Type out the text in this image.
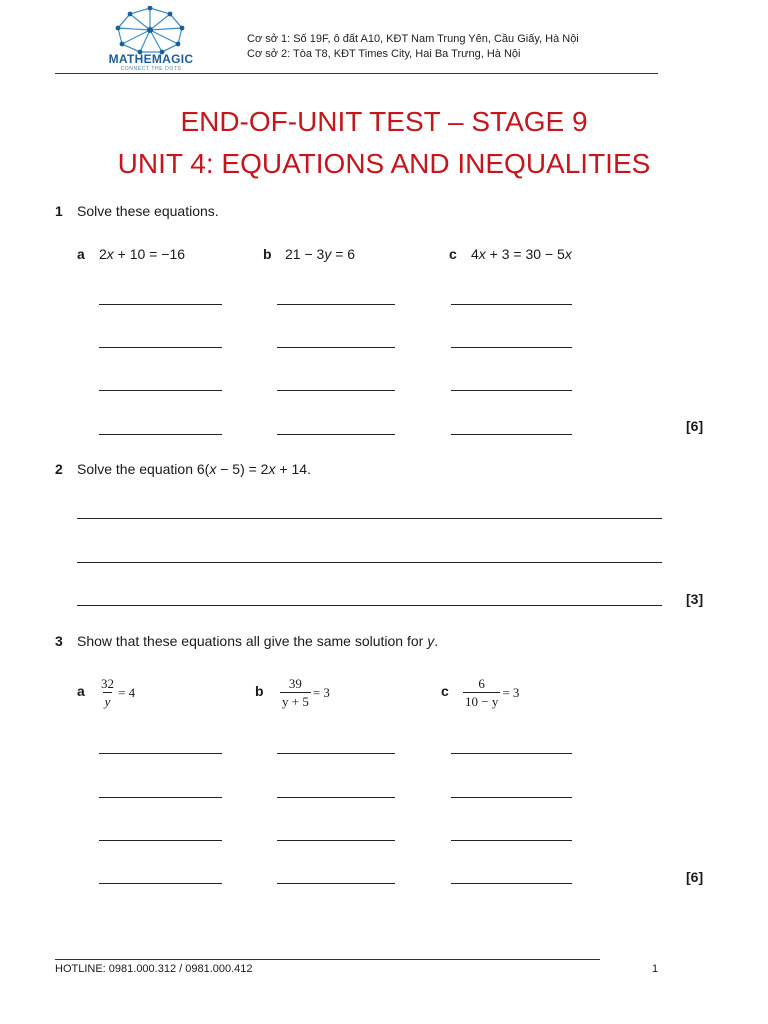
MATHEMAGIC
CONNECT THE DOTS
Cơ sở 1: Số 19F, ô đất A10, KĐT Nam Trung Yên, Cầu Giấy, Hà Nội
Cơ sở 2: Tòa T8, KĐT Times City, Hai Ba Trưng, Hà Nội
END-OF-UNIT TEST – STAGE 9
UNIT 4: EQUATIONS AND INEQUALITIES
1 Solve these equations.
a 2x + 10 = −16	b 21 − 3y = 6	c 4x + 3 = 30 − 5x
[6]
2 Solve the equation 6(x − 5) = 2x + 14.
[3]
3 Show that these equations all give the same solution for y.
a $\frac{32}{y} = 4$	b $\frac{39}{y + 5} = 3$	c $\frac{6}{10 - y} = 3$
[6]
HOTLINE: 0981.000.312 / 0981.000.412	1
